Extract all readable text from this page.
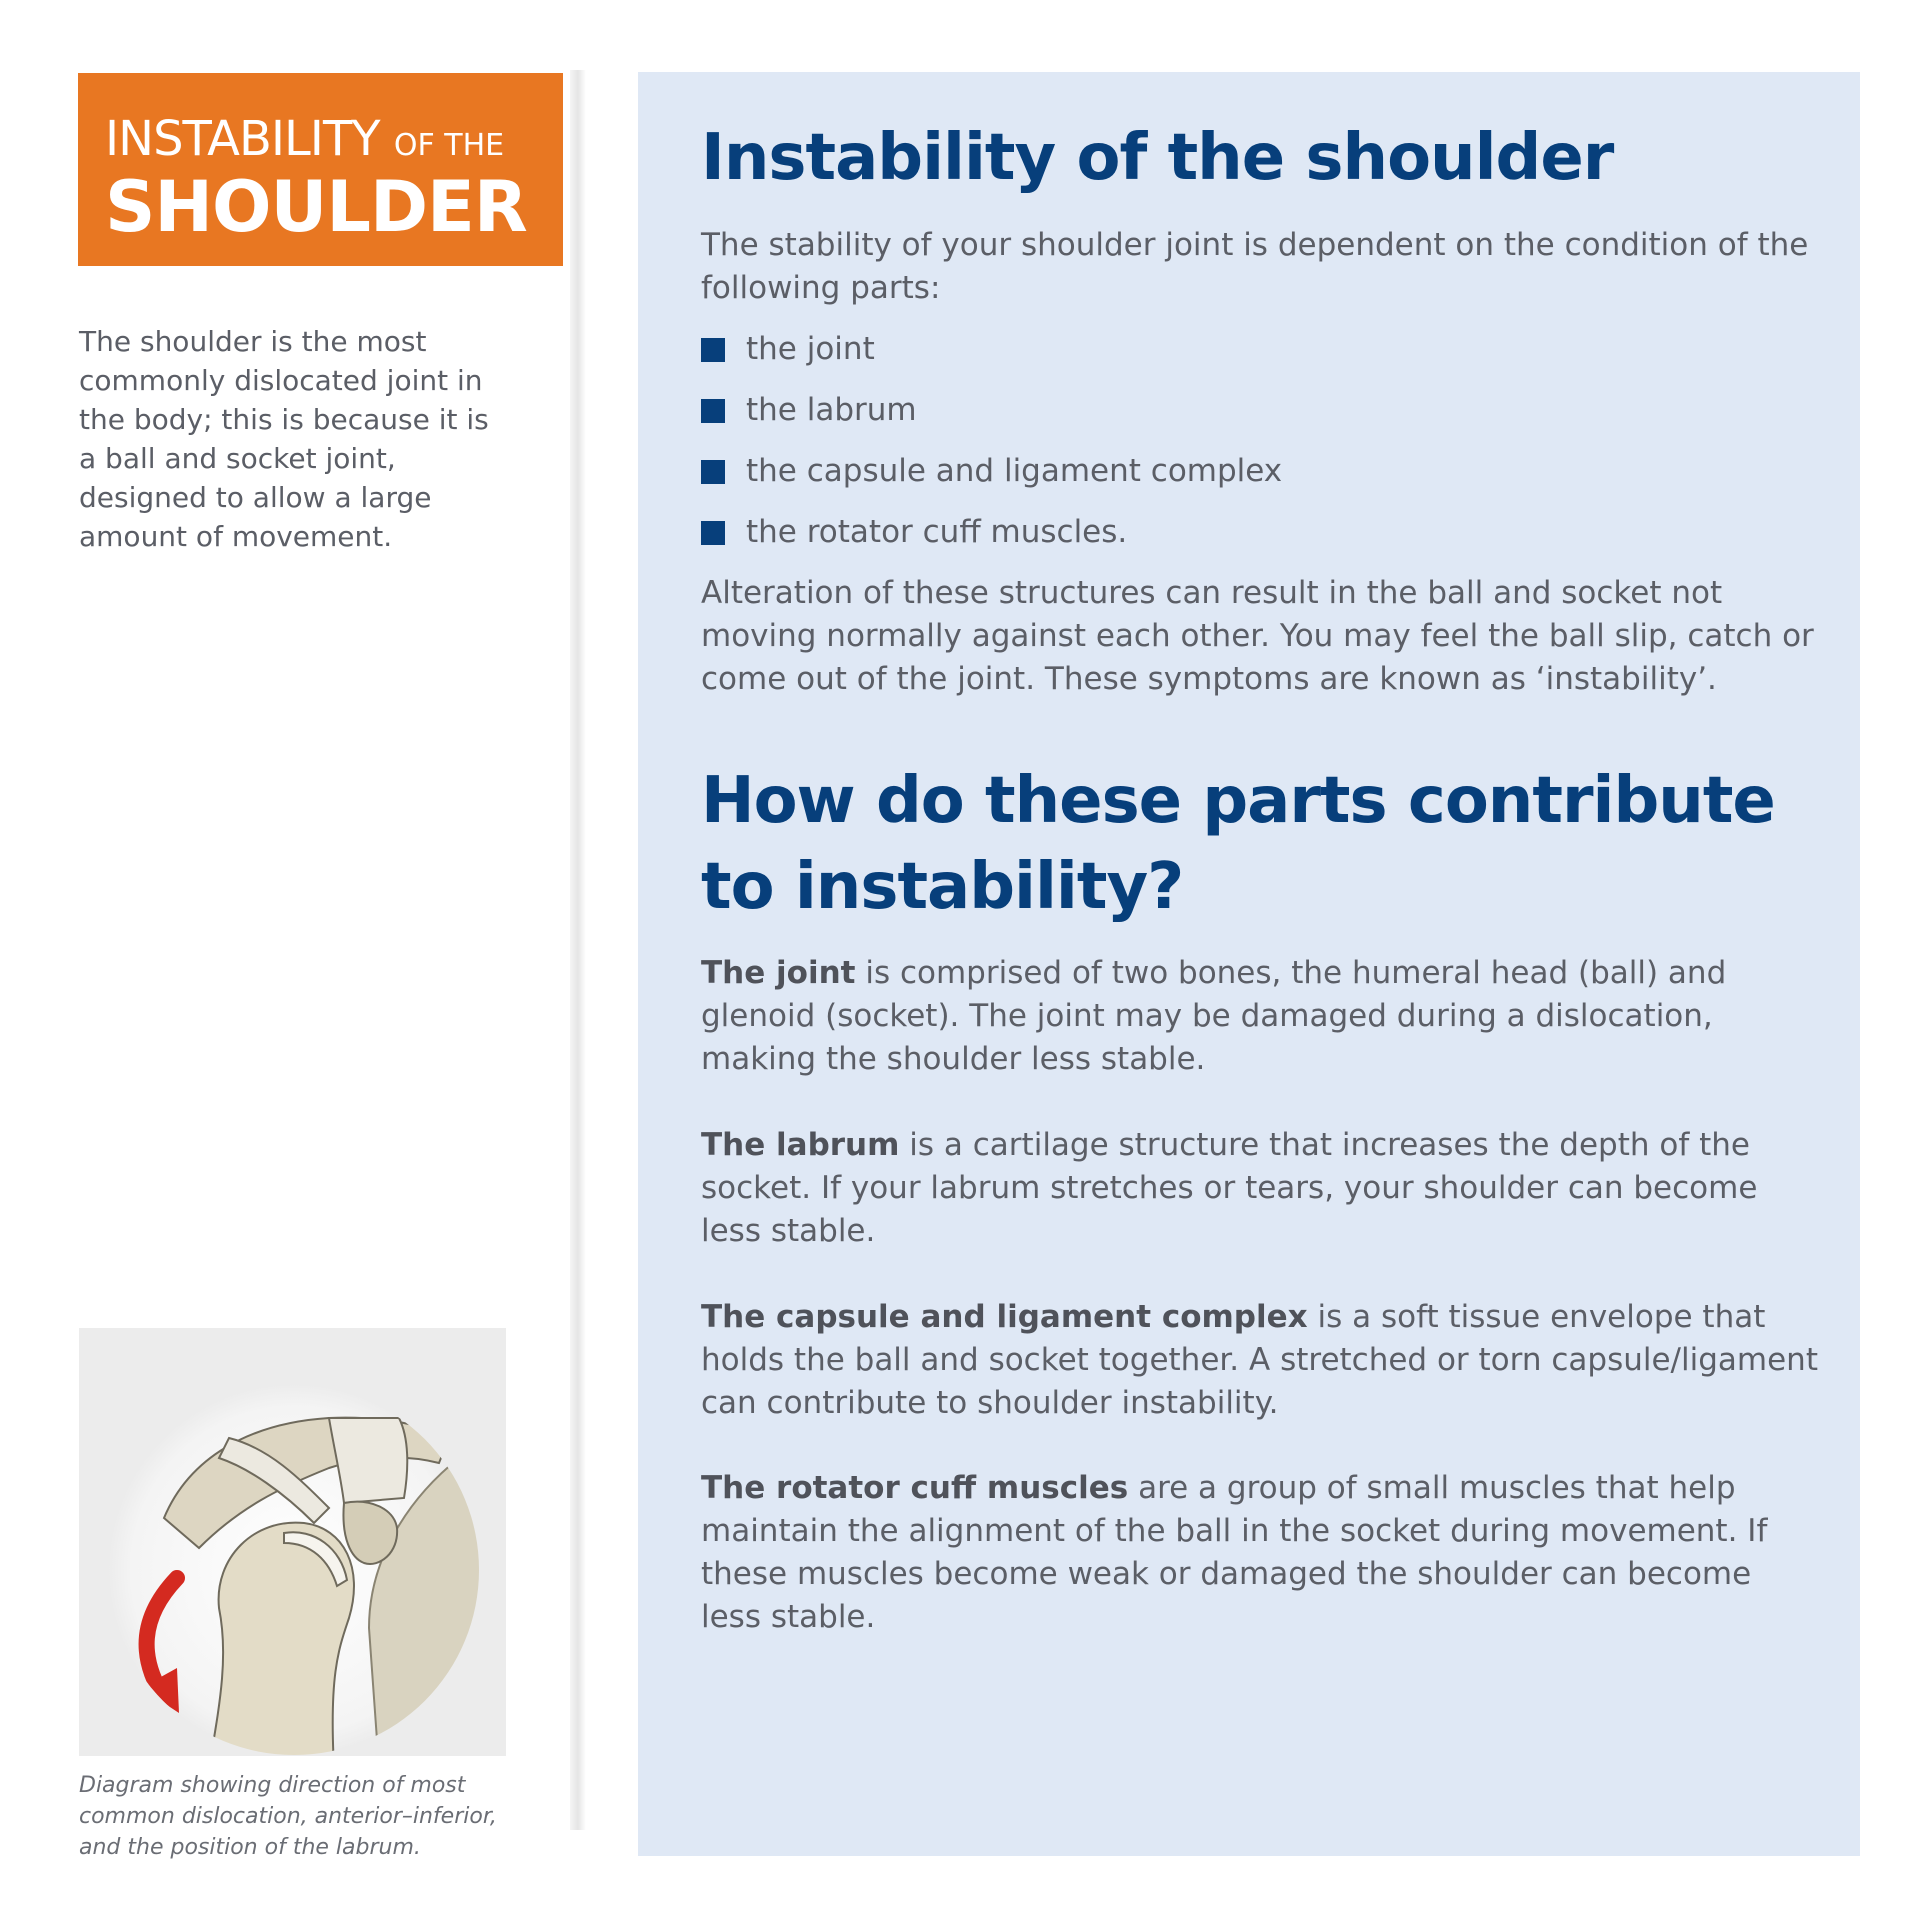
INSTABILITY OF THE
SHOULDER
The shoulder is the most commonly dislocated joint in the body; this is because it is a ball and socket joint, designed to allow a large amount of movement.
Diagram showing direction of most common dislocation, anterior–inferior, and the position of the labrum.
Instability of the shoulder
The stability of your shoulder joint is dependent on the condition of the following parts:
the joint
the labrum
the capsule and ligament complex
the rotator cuff muscles.
Alteration of these structures can result in the ball and socket not moving normally against each other. You may feel the ball slip, catch or come out of the joint. These symptoms are known as ‘instability’.
How do these parts contribute to instability?
The joint is comprised of two bones, the humeral head (ball) and glenoid (socket). The joint may be damaged during a dislocation, making the shoulder less stable.
The labrum is a cartilage structure that increases the depth of the socket. If your labrum stretches or tears, your shoulder can become less stable.
The capsule and ligament complex is a soft tissue envelope that holds the ball and socket together. A stretched or torn capsule/ligament can contribute to shoulder instability.
The rotator cuff muscles are a group of small muscles that help maintain the alignment of the ball in the socket during movement. If these muscles become weak or damaged the shoulder can become less stable.
